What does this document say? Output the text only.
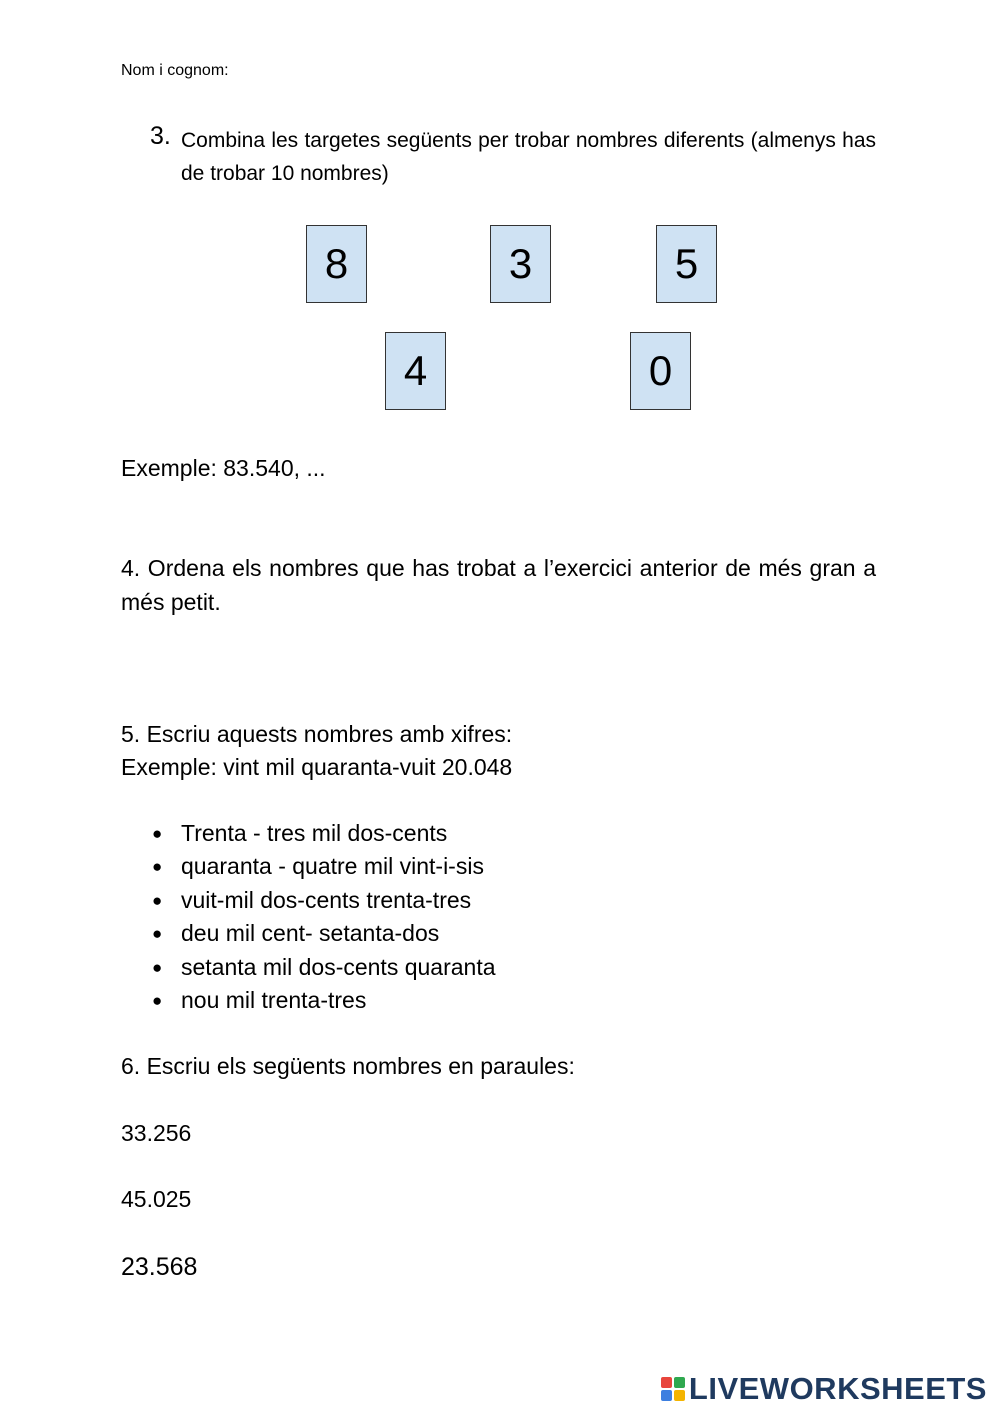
Nom i cognom:
3. Combina les targetes següents per trobar nombres diferents (almenys has de trobar 10 nombres)
8	3	5
4	0
Exemple: 83.540, ...
4. Ordena els nombres que has trobat a l’exercici anterior de més gran a més petit.
5. Escriu aquests nombres amb xifres:
Exemple: vint mil quaranta-vuit 20.048
● Trenta - tres mil dos-cents
● quaranta - quatre mil vint-i-sis
● vuit-mil dos-cents trenta-tres
● deu mil cent- setanta-dos
● setanta mil dos-cents quaranta
● nou mil trenta-tres
6. Escriu els següents nombres en paraules:
33.256
45.025
23.568
LIVEWORKSHEETS
